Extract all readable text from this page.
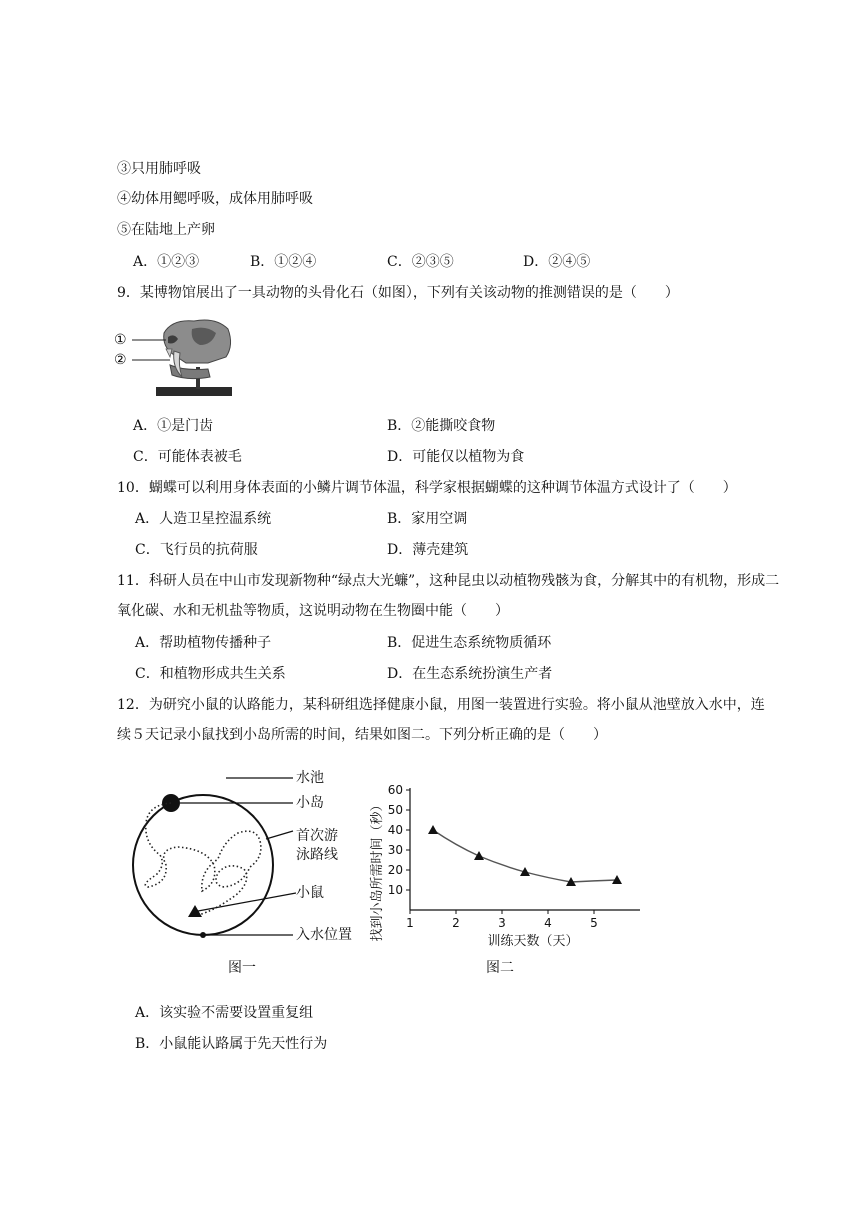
③只用肺呼吸
④幼体用鳃呼吸，成体用肺呼吸
⑤在陆地上产卵
A．①②③	B．①②④	C．②③⑤	D．②④⑤
9．某博物馆展出了一具动物的头骨化石（如图），下列有关该动物的推测错误的是（　　）
①
②
A．①是门齿	B．②能撕咬食物
C．可能体表被毛	D．可能仅以植物为食
10．蝴蝶可以利用身体表面的小鳞片调节体温，科学家根据蝴蝶的这种调节体温方式设计了（　　）
A．人造卫星控温系统	B．家用空调
C．飞行员的抗荷服	D．薄壳建筑
11．科研人员在中山市发现新物种“绿点大光蠊”，这种昆虫以动植物残骸为食，分解其中的有机物，形成二
氧化碳、水和无机盐等物质，这说明动物在生物圈中能（　　）
A．帮助植物传播种子	B．促进生态系统物质循环
C．和植物形成共生关系	D．在生态系统扮演生产者
12．为研究小鼠的认路能力，某科研组选择健康小鼠，用图一装置进行实验。将小鼠从池壁放入水中，连
续５天记录小鼠找到小岛所需的时间，结果如图二。下列分析正确的是（　　）
水池
小岛
首次游
泳路线
小鼠
入水位置
图一
10
20
30
40
50
60
1	2	3	4	5
找到小岛所需时间（秒）	训练天数（天）
图二
A．该实验不需要设置重复组
B．小鼠能认路属于先天性行为
